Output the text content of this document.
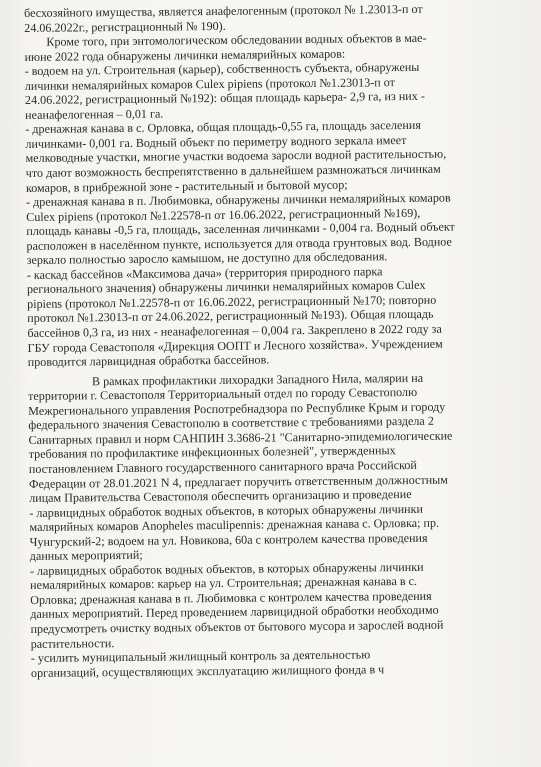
бесхозяйного имущества, является анафелогенным (протокол № 1.23013-п от
24.06.2022г., регистрационный № 190).
Кроме того, при энтомологическом обследовании водных объектов в мае-
июне 2022 года обнаружены личинки немалярийных комаров:
- водоем на ул. Строительная (карьер), собственность субъекта, обнаружены
личинки немалярийных комаров Culex pipiens (протокол №1.23013-п от
24.06.2022, регистрационный №192): общая площадь карьера- 2,9 га, из них -
неанафелогенная – 0,01 га.
- дренажная канава в с. Орловка, общая площадь-0,55 га, площадь заселения
личинками- 0,001 га. Водный объект по периметру водного зеркала имеет
мелководные участки, многие участки водоема заросли водной растительностью,
что дают возможность беспрепятственно в дальнейшем размножаться личинкам
комаров, в прибрежной зоне - растительный и бытовой мусор;
- дренажная канава в п. Любимовка, обнаружены личинки немалярийных комаров
Culex pipiens (протокол №1.22578-п от 16.06.2022, регистрационный №169),
площадь канавы -0,5 га, площадь, заселенная личинками - 0,004 га. Водный объект
расположен в населённом пункте, используется для отвода грунтовых вод. Водное
зеркало полностью заросло камышом, не доступно для обследования.
- каскад бассейнов «Максимова дача» (территория природного парка
регионального значения) обнаружены личинки немалярийных комаров Culex
pipiens (протокол №1.22578-п от 16.06.2022, регистрационный №170; повторно
протокол №1.23013-п от 24.06.2022, регистрационный №193). Общая площадь
бассейнов 0,3 га, из них - неанафелогенная – 0,004 га. Закреплено в 2022 году за
ГБУ города Севастополя «Дирекция ООПТ и Лесного хозяйства». Учреждением
проводится ларвицидная обработка бассейнов.
В рамках профилактики лихорадки Западного Нила, малярии на
территории г. Севастополя Территориальный отдел по городу Севастополю
Межрегионального управления Роспотребнадзора по Республике Крым и городу
федерального значения Севастополю в соответствие с требованиями раздела 2
Санитарных правил и норм САНПИН 3.3686-21 "Санитарно-эпидемиологические
требования по профилактике инфекционных болезней", утвержденных
постановлением Главного государственного санитарного врача Российской
Федерации от 28.01.2021 N 4, предлагает поручить ответственным должностным
лицам Правительства Севастополя обеспечить организацию и проведение
- ларвицидных обработок водных объектов, в которых обнаружены личинки
малярийных комаров Anopheles maculipennis: дренажная канава с. Орловка; пр.
Чунгурский-2; водоем на ул. Новикова, 60а с контролем качества проведения
данных мероприятий;
- ларвицидных обработок водных объектов, в которых обнаружены личинки
немалярийных комаров: карьер на ул. Строительная; дренажная канава в с.
Орловка; дренажная канава в п. Любимовка с контролем качества проведения
данных мероприятий. Перед проведением ларвицидной обработки необходимо
предусмотреть очистку водных объектов от бытового мусора и зарослей водной
растительности.
- усилить муниципальный жилищный контроль за деятельностью
организаций, осуществляющих эксплуатацию жилищного фонда в ч
